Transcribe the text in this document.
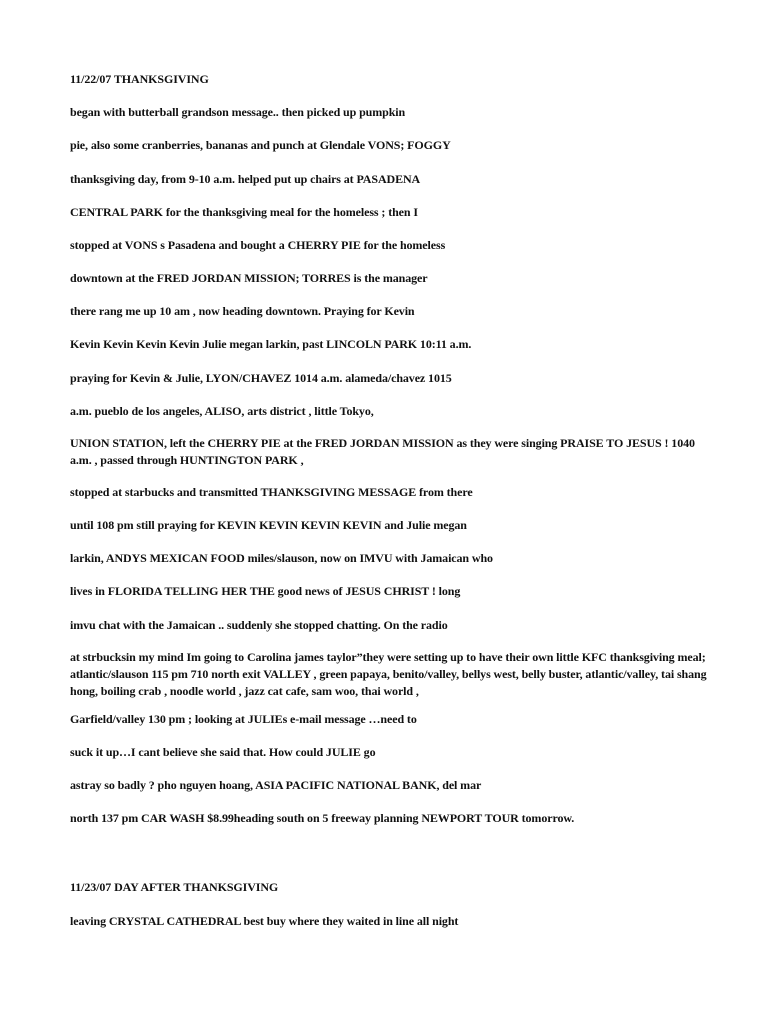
11/22/07 THANKSGIVING
began with butterball grandson message.. then picked up pumpkin
pie, also some cranberries, bananas and punch at Glendale VONS; FOGGY
thanksgiving day, from 9-10 a.m. helped put up chairs at PASADENA
CENTRAL PARK for the thanksgiving meal for the homeless ; then I
stopped at VONS s Pasadena and bought a CHERRY PIE for the homeless
downtown at the FRED JORDAN MISSION; TORRES is the manager
there rang me up 10 am , now heading downtown. Praying for Kevin
Kevin Kevin Kevin Kevin Julie megan larkin, past LINCOLN PARK 10:11 a.m.
praying for Kevin & Julie, LYON/CHAVEZ 1014 a.m. alameda/chavez 1015
a.m. pueblo de los angeles, ALISO, arts district , little Tokyo,
UNION STATION, left the CHERRY PIE at the FRED JORDAN MISSION as they were singing PRAISE TO JESUS ! 1040 a.m. , passed through HUNTINGTON PARK ,
stopped at starbucks and transmitted THANKSGIVING MESSAGE from there
until 108 pm still praying for KEVIN KEVIN KEVIN KEVIN and Julie megan
larkin, ANDYS MEXICAN FOOD miles/slauson, now on IMVU with Jamaican who
lives in FLORIDA TELLING HER THE good news of JESUS CHRIST ! long
imvu chat with the Jamaican .. suddenly she stopped chatting. On the radio
at strbucksin my mind Im going to Carolina james taylor”they were setting up to have their own little KFC thanksgiving meal; atlantic/slauson 115 pm 710 north exit VALLEY , green papaya, benito/valley, bellys west, belly buster, atlantic/valley, tai shang hong, boiling crab , noodle world , jazz cat cafe, sam woo, thai world ,
Garfield/valley 130 pm ; looking at JULIEs e-mail message …need to
suck it up…I cant believe she said that. How could JULIE go
astray so badly ? pho nguyen hoang, ASIA PACIFIC NATIONAL BANK, del mar
north 137 pm CAR WASH $8.99heading south on 5 freeway planning NEWPORT TOUR tomorrow.
11/23/07 DAY AFTER THANKSGIVING
leaving CRYSTAL CATHEDRAL best buy where they waited in line all night
